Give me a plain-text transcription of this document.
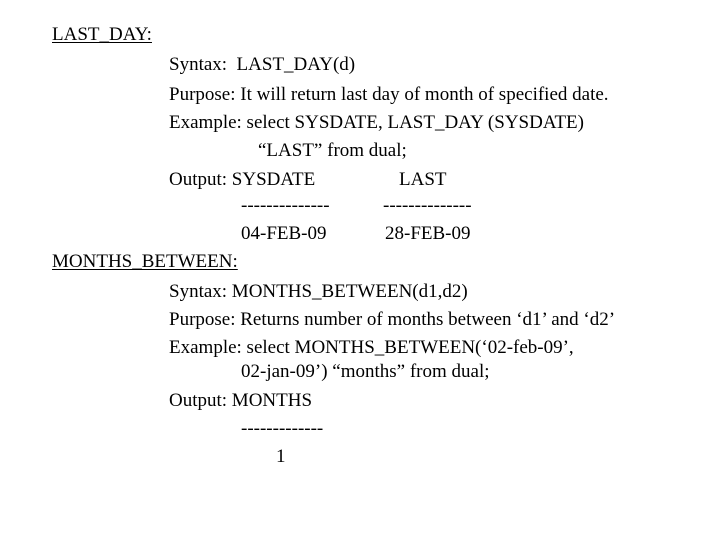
LAST_DAY:
Syntax:  LAST_DAY(d)
Purpose: It will return last day of month of specified date.
Example: select SYSDATE, LAST_DAY (SYSDATE)
“LAST” from dual;
Output: SYSDATE	LAST
--------------	--------------
04-FEB-09	28-FEB-09
MONTHS_BETWEEN:
Syntax: MONTHS_BETWEEN(d1,d2)
Purpose: Returns number of months between ‘d1’ and ‘d2’
Example: select MONTHS_BETWEEN(‘02-feb-09’,
02-jan-09’) “months” from dual;
Output: MONTHS
-------------
1
